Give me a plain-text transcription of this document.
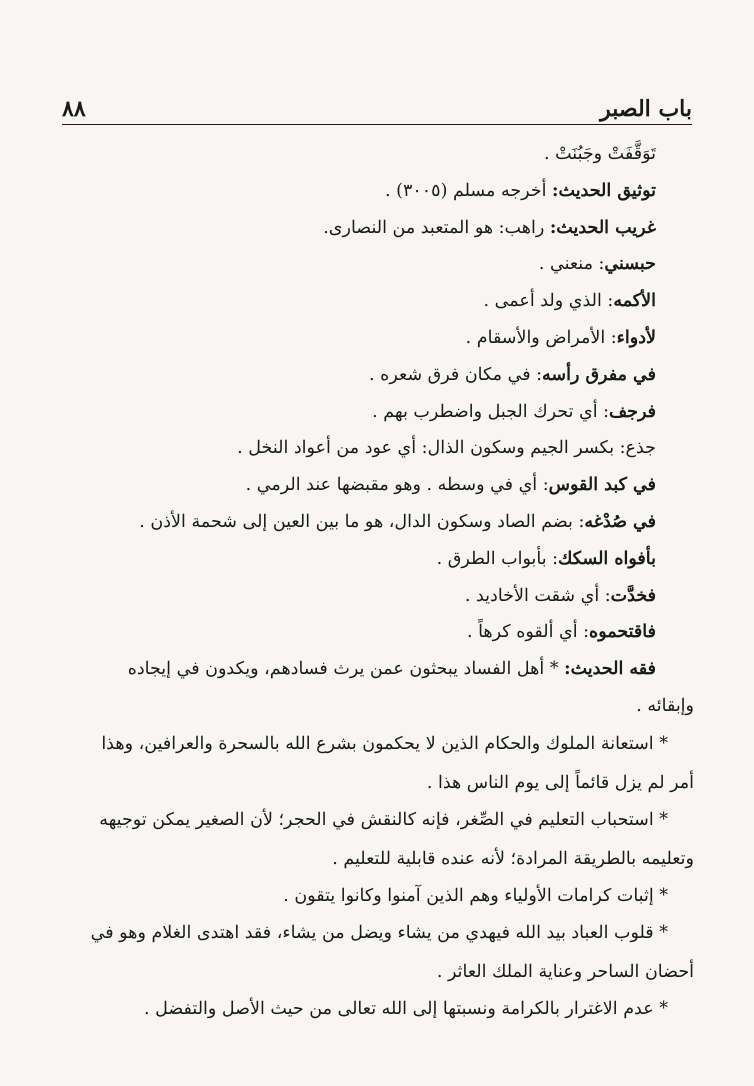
٨٨	باب الصبر
تَوَقَّفَتْ وجَبُنَتْ .
توثيق الحديث: أخرجه مسلم (٣٠٠٥) .
غريب الحديث: راهب: هو المتعبد من النصارى.
حبسني: منعني .
الأكمه: الذي ولد أعمى .
لأدواء: الأمراض والأسقام .
في مفرق رأسه: في مكان فرق شعره .
فرجف: أي تحرك الجبل واضطرب بهم .
جذع: بكسر الجيم وسكون الذال: أي عود من أعواد النخل .
في كبد القوس: أي في وسطه . وهو مقبضها عند الرمي .
في صُدْغه: بضم الصاد وسكون الدال، هو ما بين العين إلى شحمة الأذن .
بأفواه السكك: بأبواب الطرق .
فخدَّت: أي شقت الأخاديد .
فاقتحموه: أي ألقوه كرهاً .
فقه الحديث: * أهل الفساد يبحثون عمن يرث فسادهم، ويكدون في إيجاده
وإبقائه .
* استعانة الملوك والحكام الذين لا يحكمون بشرع الله بالسحرة والعرافين، وهذا أمر لم يزل قائماً إلى يوم الناس هذا .
* استحباب التعليم في الصِّغر، فإنه كالنقش في الحجر؛ لأن الصغير يمكن توجيهه وتعليمه بالطريقة المرادة؛ لأنه عنده قابلية للتعليم .
* إثبات كرامات الأولياء وهم الذين آمنوا وكانوا يتقون .
* قلوب العباد بيد الله فيهدي من يشاء ويضل من يشاء، فقد اهتدى الغلام وهو في أحضان الساحر وعناية الملك العاثر .
* عدم الاغترار بالكرامة ونسبتها إلى الله تعالى من حيث الأصل والتفضل .
